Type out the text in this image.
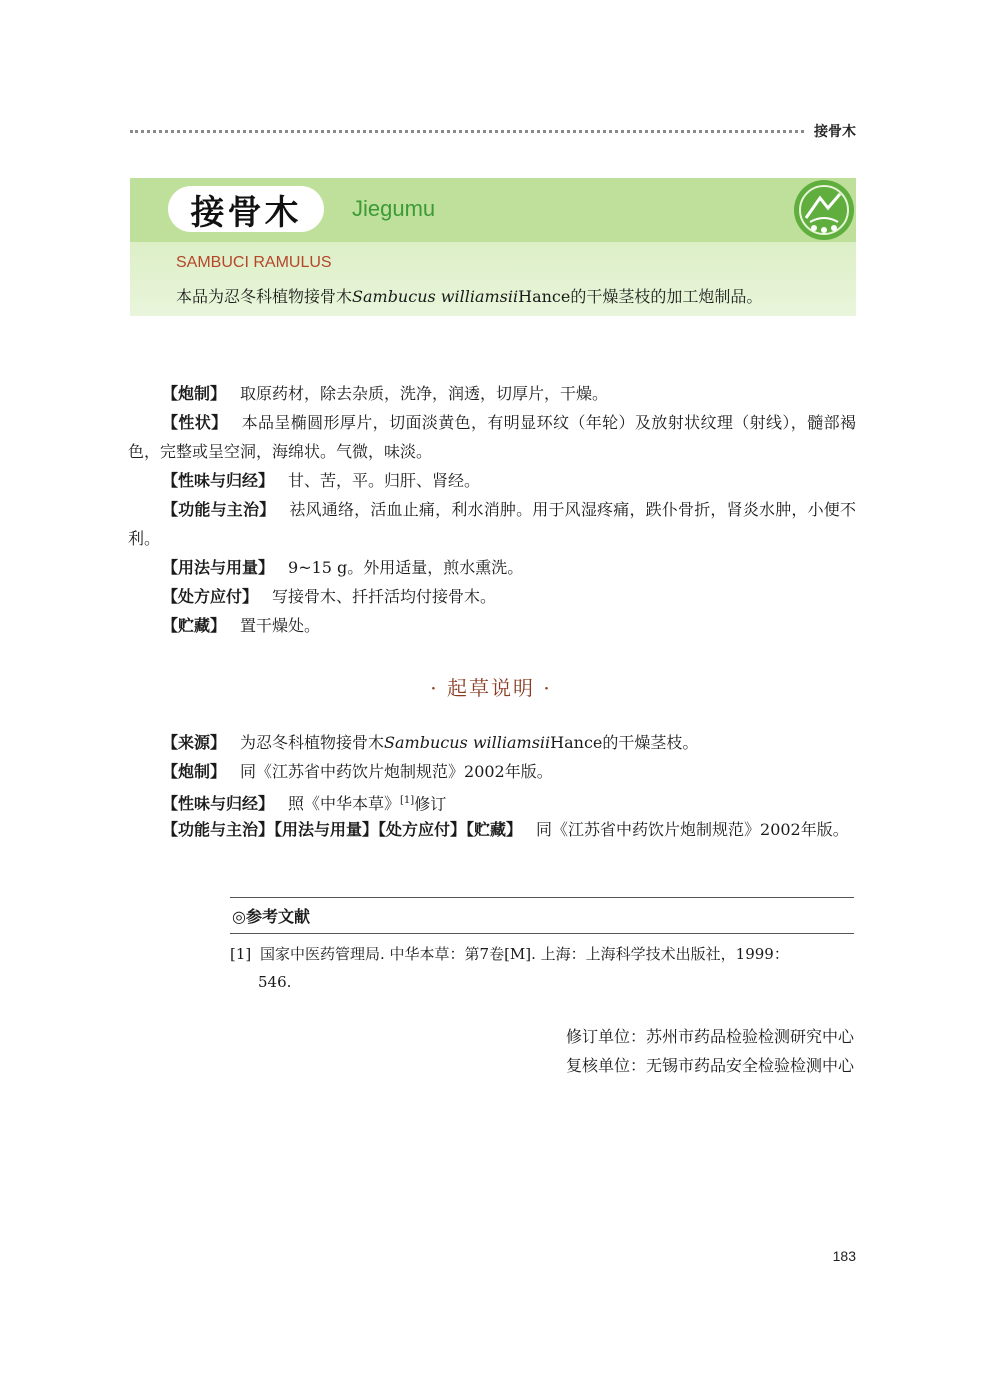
接骨木
接骨木 Jiegumu
SAMBUCI RAMULUS
本品为忍冬科植物接骨木Sambucus williamsiiHance的干燥茎枝的加工炮制品。
【炮制】 取原药材，除去杂质，洗净，润透，切厚片，干燥。
【性状】 本品呈椭圆形厚片，切面淡黄色，有明显环纹（年轮）及放射状纹理（射线），髓部褐色，完整或呈空洞，海绵状。气微，味淡。
【性味与归经】 甘、苦，平。归肝、肾经。
【功能与主治】 祛风通络，活血止痛，利水消肿。用于风湿疼痛，跌仆骨折，肾炎水肿，小便不利。
【用法与用量】 9~15 g。外用适量，煎水熏洗。
【处方应付】 写接骨木、扦扦活均付接骨木。
【贮藏】 置干燥处。
· 起草说明 ·
【来源】 为忍冬科植物接骨木Sambucus williamsiiHance的干燥茎枝。
【炮制】 同《江苏省中药饮片炮制规范》2002年版。
【性味与归经】 照《中华本草》[1]修订
【功能与主治】【用法与用量】【处方应付】【贮藏】 同《江苏省中药饮片炮制规范》2002年版。
◎参考文献
[1] 国家中医药管理局. 中华本草：第7卷[M]. 上海：上海科学技术出版社，1999：
546.
修订单位：苏州市药品检验检测研究中心
复核单位：无锡市药品安全检验检测中心
183
